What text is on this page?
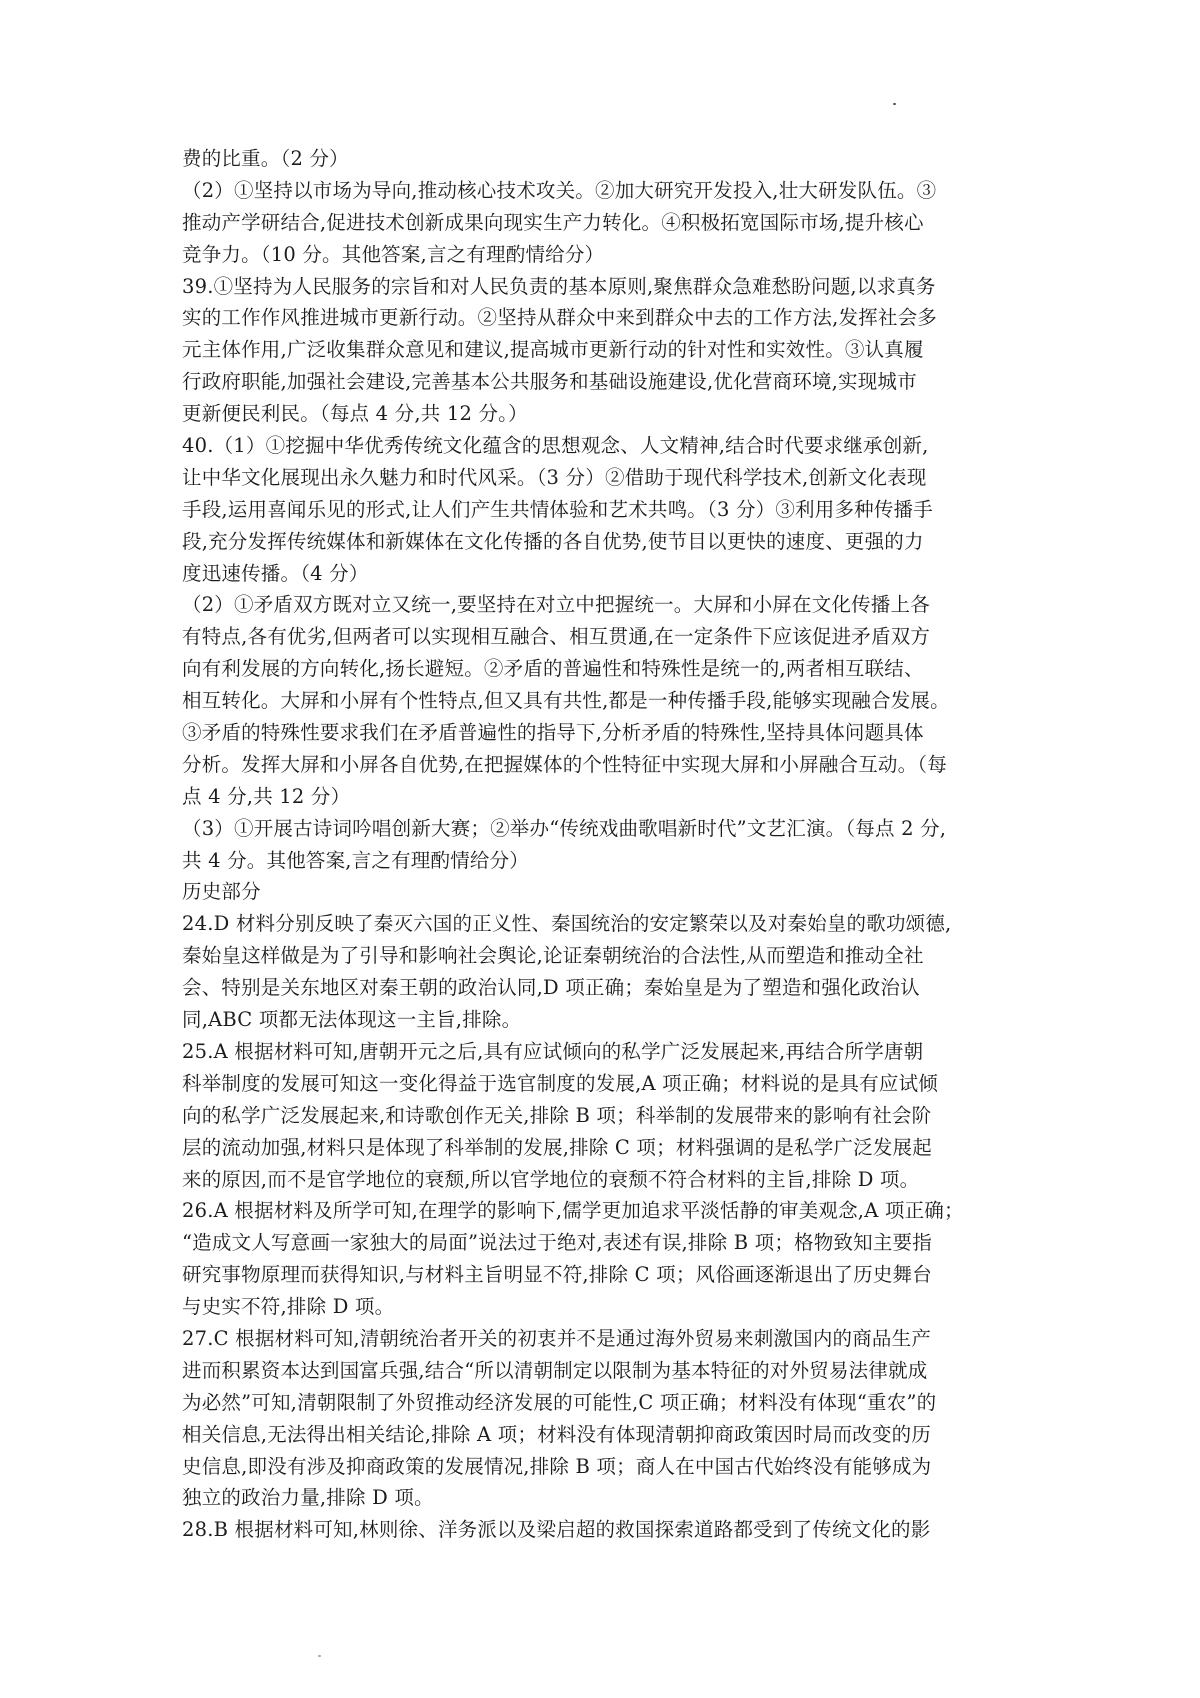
费的比重。（2 分）
（2）①坚持以市场为导向,推动核心技术攻关。②加大研究开发投入,壮大研发队伍。③
推动产学研结合,促进技术创新成果向现实生产力转化。④积极拓宽国际市场,提升核心
竞争力。（10 分。其他答案,言之有理酌情给分）
39.①坚持为人民服务的宗旨和对人民负责的基本原则,聚焦群众急难愁盼问题,以求真务
实的工作作风推进城市更新行动。②坚持从群众中来到群众中去的工作方法,发挥社会多
元主体作用,广泛收集群众意见和建议,提高城市更新行动的针对性和实效性。③认真履
行政府职能,加强社会建设,完善基本公共服务和基础设施建设,优化营商环境,实现城市
更新便民利民。（每点 4 分,共 12 分。）
40.（1）①挖掘中华优秀传统文化蕴含的思想观念、人文精神,结合时代要求继承创新,
让中华文化展现出永久魅力和时代风采。（3 分）②借助于现代科学技术,创新文化表现
手段,运用喜闻乐见的形式,让人们产生共情体验和艺术共鸣。（3 分）③利用多种传播手
段,充分发挥传统媒体和新媒体在文化传播的各自优势,使节目以更快的速度、更强的力
度迅速传播。（4 分）
（2）①矛盾双方既对立又统一,要坚持在对立中把握统一。大屏和小屏在文化传播上各
有特点,各有优劣,但两者可以实现相互融合、相互贯通,在一定条件下应该促进矛盾双方
向有利发展的方向转化,扬长避短。②矛盾的普遍性和特殊性是统一的,两者相互联结、
相互转化。大屏和小屏有个性特点,但又具有共性,都是一种传播手段,能够实现融合发展。
③矛盾的特殊性要求我们在矛盾普遍性的指导下,分析矛盾的特殊性,坚持具体问题具体
分析。发挥大屏和小屏各自优势,在把握媒体的个性特征中实现大屏和小屏融合互动。（每
点 4 分,共 12 分）
（3）①开展古诗词吟唱创新大赛；②举办“传统戏曲歌唱新时代”文艺汇演。（每点 2 分,
共 4 分。其他答案,言之有理酌情给分）
历史部分
24.D 材料分别反映了秦灭六国的正义性、秦国统治的安定繁荣以及对秦始皇的歌功颂德,
秦始皇这样做是为了引导和影响社会舆论,论证秦朝统治的合法性,从而塑造和推动全社
会、特别是关东地区对秦王朝的政治认同,D 项正确；秦始皇是为了塑造和强化政治认
同,ABC 项都无法体现这一主旨,排除。
25.A 根据材料可知,唐朝开元之后,具有应试倾向的私学广泛发展起来,再结合所学唐朝
科举制度的发展可知这一变化得益于选官制度的发展,A 项正确；材料说的是具有应试倾
向的私学广泛发展起来,和诗歌创作无关,排除 B 项；科举制的发展带来的影响有社会阶
层的流动加强,材料只是体现了科举制的发展,排除 C 项；材料强调的是私学广泛发展起
来的原因,而不是官学地位的衰颓,所以官学地位的衰颓不符合材料的主旨,排除 D 项。
26.A 根据材料及所学可知,在理学的影响下,儒学更加追求平淡恬静的审美观念,A 项正确；
“造成文人写意画一家独大的局面”说法过于绝对,表述有误,排除 B 项；格物致知主要指
研究事物原理而获得知识,与材料主旨明显不符,排除 C 项；风俗画逐渐退出了历史舞台
与史实不符,排除 D 项。
27.C 根据材料可知,清朝统治者开关的初衷并不是通过海外贸易来刺激国内的商品生产
进而积累资本达到国富兵强,结合“所以清朝制定以限制为基本特征的对外贸易法律就成
为必然”可知,清朝限制了外贸推动经济发展的可能性,C 项正确；材料没有体现“重农”的
相关信息,无法得出相关结论,排除 A 项；材料没有体现清朝抑商政策因时局而改变的历
史信息,即没有涉及抑商政策的发展情况,排除 B 项；商人在中国古代始终没有能够成为
独立的政治力量,排除 D 项。
28.B 根据材料可知,林则徐、洋务派以及梁启超的救国探索道路都受到了传统文化的影
